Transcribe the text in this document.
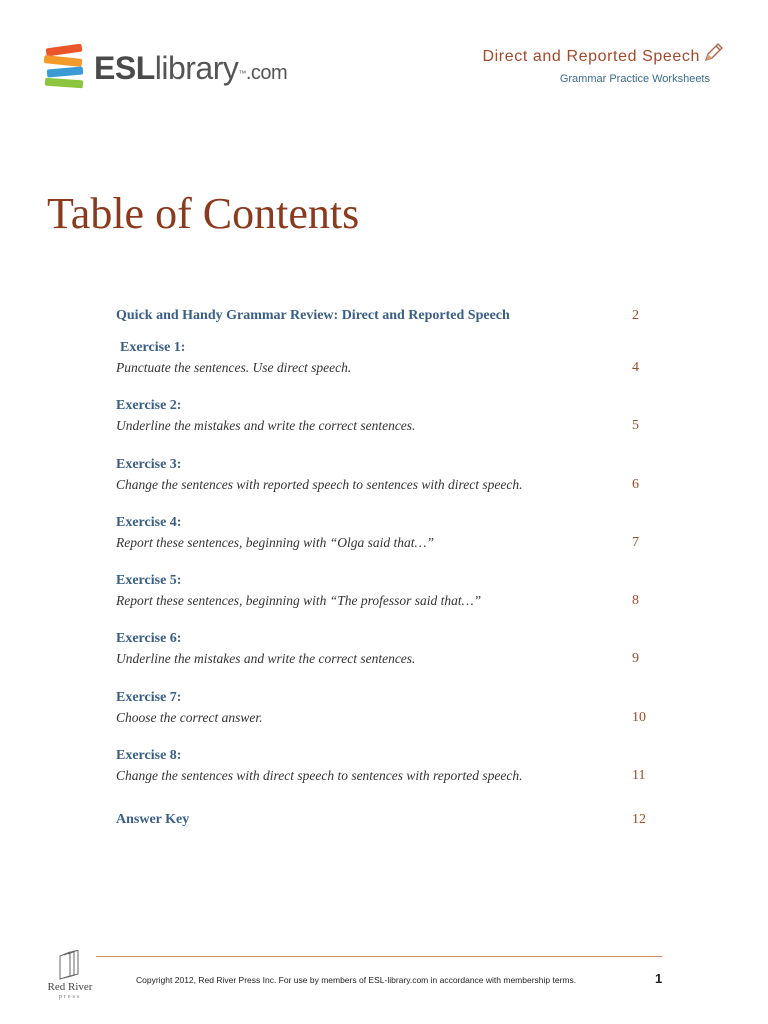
ESLlibrary™.com
Direct and Reported Speech
Grammar Practice Worksheets
Table of Contents
Quick and Handy Grammar Review: Direct and Reported Speech	2
Exercise 1:
Punctuate the sentences. Use direct speech.	4
Exercise 2:
Underline the mistakes and write the correct sentences.	5
Exercise 3:
Change the sentences with reported speech to sentences with direct speech.	6
Exercise 4:
Report these sentences, beginning with “Olga said that…”	7
Exercise 5:
Report these sentences, beginning with “The professor said that…”	8
Exercise 6:
Underline the mistakes and write the correct sentences.	9
Exercise 7:
Choose the correct answer.	10
Exercise 8:
Change the sentences with direct speech to sentences with reported speech.	11
Answer Key	12
Red River
press
Copyright 2012, Red River Press Inc. For use by members of ESL-library.com in accordance with membership terms.	1
